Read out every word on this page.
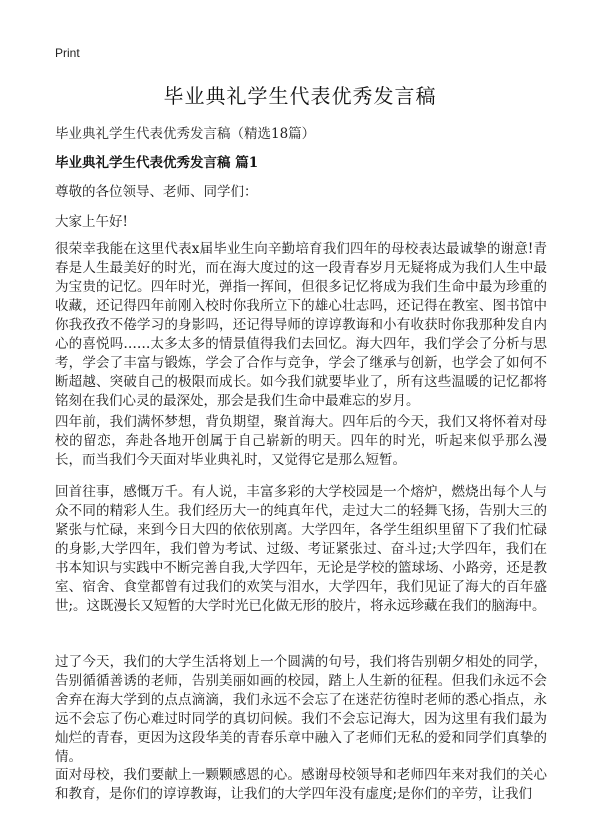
Print
毕业典礼学生代表优秀发言稿
毕业典礼学生代表优秀发言稿（精选18篇）
毕业典礼学生代表优秀发言稿 篇1
尊敬的各位领导、老师、同学们：
大家上午好!

很荣幸我能在这里代表x届毕业生向辛勤培育我们四年的母校表达最诚挚的谢意!青春是人生最美好的时光，而在海大度过的这一段青春岁月无疑将成为我们人生中最为宝贵的记忆。四年时光，弹指一挥间，但很多记忆将成为我们生命中最为珍重的收藏，还记得四年前刚入校时你我所立下的雄心壮志吗，还记得在教室、图书馆中你我孜孜不倦学习的身影吗，还记得导师的谆谆教诲和小有收获时你我那种发自内心的喜悦吗……太多太多的情景值得我们去回忆。海大四年，我们学会了分析与思考，学会了丰富与锻炼，学会了合作与竞争，学会了继承与创新，也学会了如何不断超越、突破自己的极限而成长。如今我们就要毕业了，所有这些温暖的记忆都将铭刻在我们心灵的最深处，那会是我们生命中最难忘的岁月。

四年前，我们满怀梦想，背负期望，聚首海大。四年后的今天，我们又将怀着对母校的留恋，奔赴各地开创属于自己崭新的明天。四年的时光，听起来似乎那么漫长，而当我们今天面对毕业典礼时，又觉得它是那么短暂。

回首往事，感慨万千。有人说，丰富多彩的大学校园是一个熔炉，燃烧出每个人与众不同的精彩人生。我们经历大一的纯真年代，走过大二的轻舞飞扬，告别大三的紧张与忙碌，来到今日大四的依依别离。大学四年，各学生组织里留下了我们忙碌的身影,大学四年，我们曾为考试、过级、考证紧张过、奋斗过;大学四年，我们在书本知识与实践中不断完善自我,大学四年，无论是学校的篮球场、小路旁，还是教室、宿舍、食堂都曾有过我们的欢笑与泪水，大学四年，我们见证了海大的百年盛世;。这既漫长又短暂的大学时光已化做无形的胶片，将永远珍藏在我们的脑海中。

过了今天，我们的大学生活将划上一个圆满的句号，我们将告别朝夕相处的同学，告别循循善诱的老师，告别美丽如画的校园，踏上人生新的征程。但我们永远不会舍弃在海大学到的点点滴滴，我们永远不会忘了在迷茫彷徨时老师的悉心指点，永远不会忘了伤心难过时同学的真切问候。我们不会忘记海大，因为这里有我们最为灿烂的青春，更因为这段华美的青春乐章中融入了老师们无私的爱和同学们真挚的情。

面对母校，我们要献上一颗颗感恩的心。感谢母校领导和老师四年来对我们的关心和教育，是你们的谆谆教诲，让我们的大学四年没有虚度;是你们的辛劳，让我们
